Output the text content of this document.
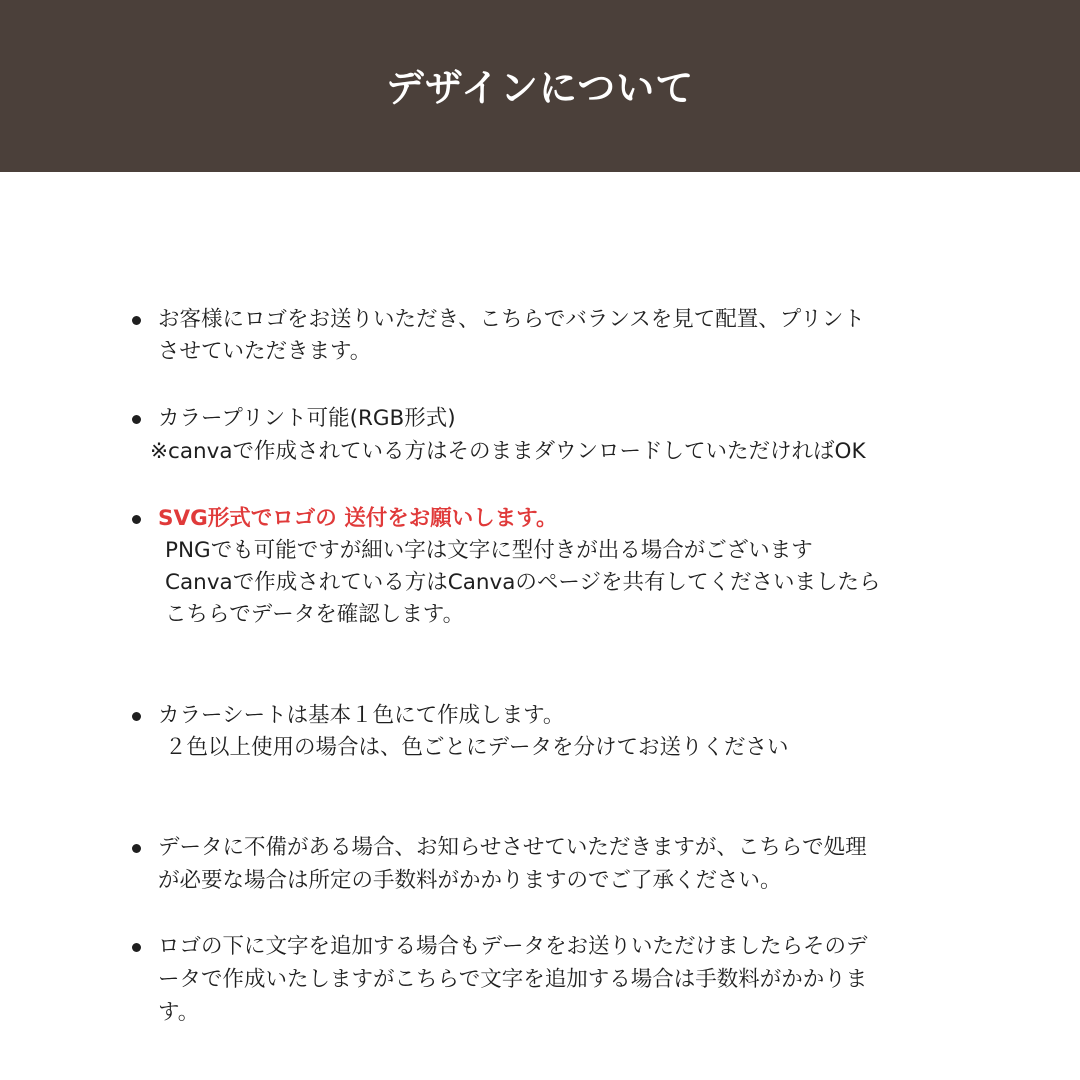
デザインについて
お客様にロゴをお送りいただき、こちらでバランスを見て配置、プリント
させていただきます。
カラープリント可能(RGB形式)
※canvaで作成されている方はそのままダウンロードしていただければOK
SVG形式でロゴの 送付をお願いします。
PNGでも可能ですが細い字は文字に型付きが出る場合がございます
Canvaで作成されている方はCanvaのページを共有してくださいましたら
こちらでデータを確認します。
カラーシートは基本１色にて作成します。
２色以上使用の場合は、色ごとにデータを分けてお送りください
データに不備がある場合、お知らせさせていただきますが、こちらで処理
が必要な場合は所定の手数料がかかりますのでご了承ください。
ロゴの下に文字を追加する場合もデータをお送りいただけましたらそのデ
ータで作成いたしますがこちらで文字を追加する場合は手数料がかかりま
す。
